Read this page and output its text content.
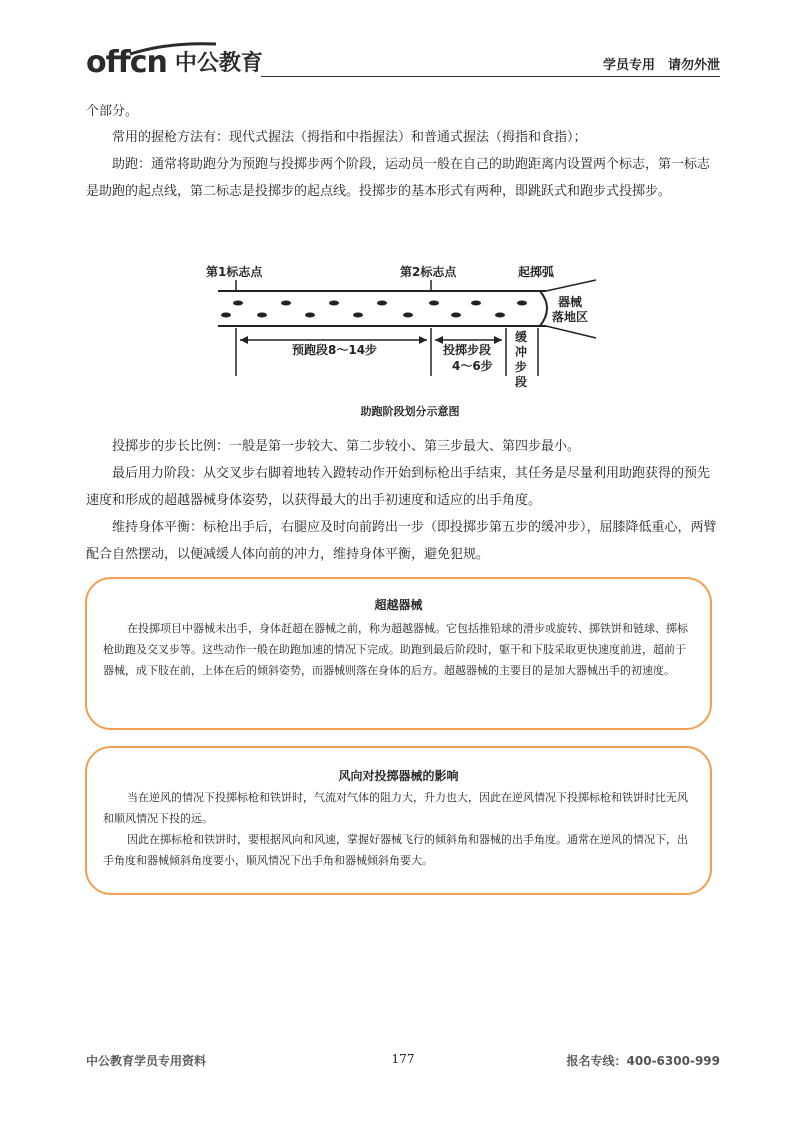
offcn 中公教育	学员专用　请勿外泄
个部分。
常用的握枪方法有：现代式握法（拇指和中指握法）和普通式握法（拇指和食指）；
助跑：通常将助跑分为预跑与投掷步两个阶段，运动员一般在自己的助跑距离内设置两个标志，第一标志是助跑的起点线，第二标志是投掷步的起点线。投掷步的基本形式有两种，即跳跃式和跑步式投掷步。
第1标志点	第2标志点	起掷弧
器械
落地区
预跑段8～14步	投掷步段
4～6步
缓
冲
步
段
助跑阶段划分示意图
投掷步的步长比例：一般是第一步较大、第二步较小、第三步最大、第四步最小。
最后用力阶段：从交叉步右脚着地转入蹬转动作开始到标枪出手结束，其任务是尽量利用助跑获得的预先速度和形成的超越器械身体姿势，以获得最大的出手初速度和适应的出手角度。
维持身体平衡：标枪出手后，右腿应及时向前跨出一步（即投掷步第五步的缓冲步），屈膝降低重心，两臂配合自然摆动，以便减缓人体向前的冲力，维持身体平衡，避免犯规。
超越器械
在投掷项目中器械未出手，身体赶超在器械之前，称为超越器械。它包括推铅球的滑步或旋转、掷铁饼和链球、掷标枪助跑及交叉步等。这些动作一般在助跑加速的情况下完成。助跑到最后阶段时，躯干和下肢采取更快速度前进，超前于器械，成下肢在前，上体在后的倾斜姿势，而器械则落在身体的后方。超越器械的主要目的是加大器械出手的初速度。
风向对投掷器械的影响
当在逆风的情况下投掷标枪和铁饼时，气流对气体的阻力大，升力也大，因此在逆风情况下投掷标枪和铁饼时比无风和顺风情况下投的远。
因此在掷标枪和铁饼时，要根据风向和风速，掌握好器械飞行的倾斜角和器械的出手角度。通常在逆风的情况下，出手角度和器械倾斜角度要小，顺风情况下出手角和器械倾斜角要大。
中公教育学员专用资料	177	报名专线：400-6300-999
